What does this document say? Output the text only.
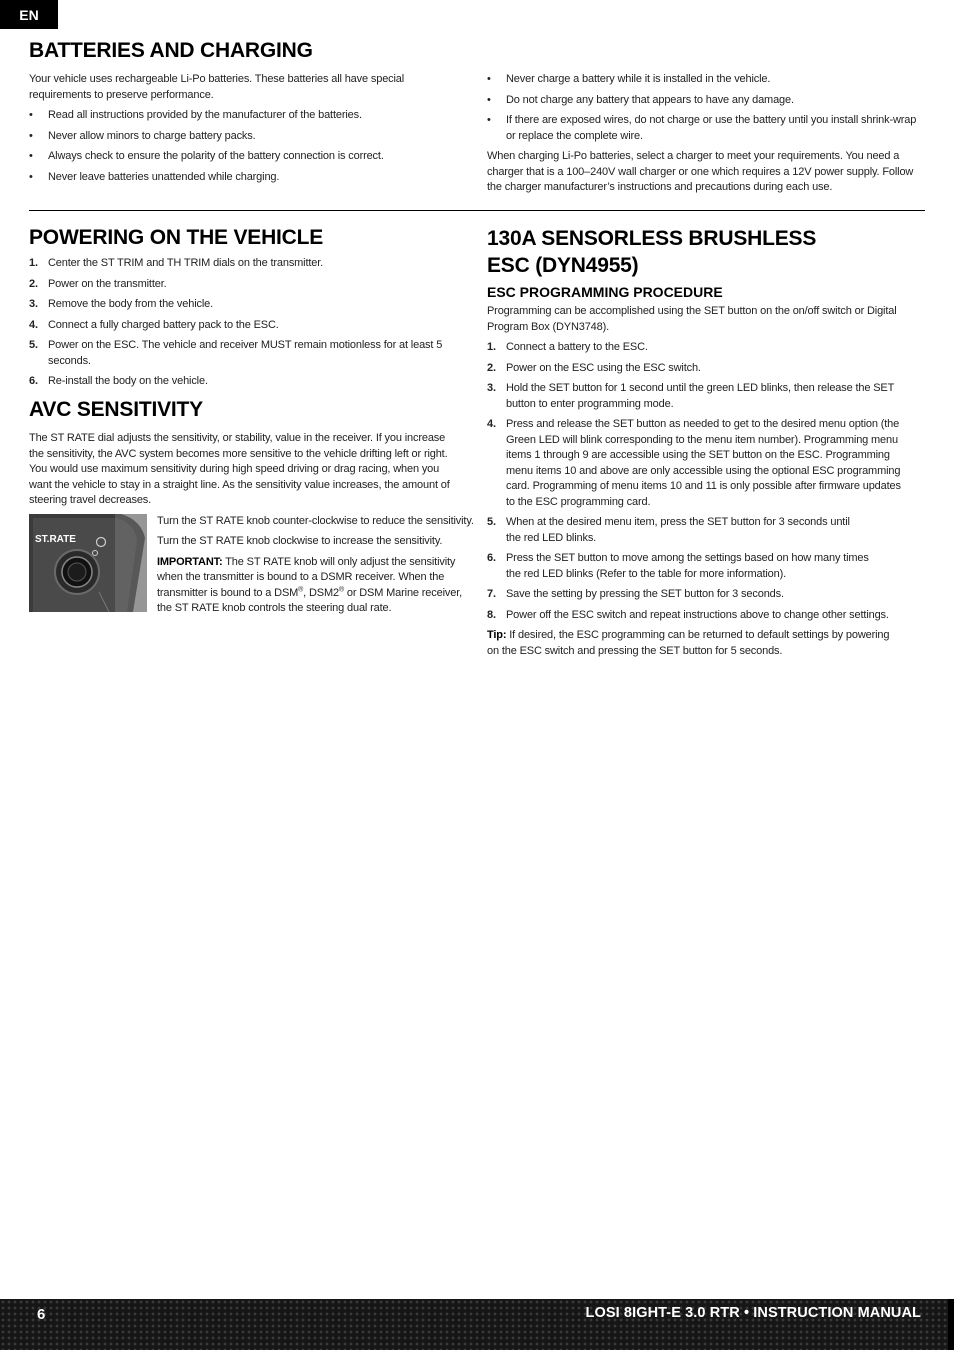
EN
BATTERIES AND CHARGING

Your vehicle uses rechargeable Li-Po batteries. These batteries all have special requirements to preserve performance.

• Read all instructions provided by the manufacturer of the batteries.
• Never allow minors to charge battery packs.
• Always check to ensure the polarity of the battery connection is correct.
• Never leave batteries unattended while charging.
• Never charge a battery while it is installed in the vehicle.
• Do not charge any battery that appears to have any damage.
• If there are exposed wires, do not charge or use the battery until you install shrink-wrap or replace the complete wire.

When charging Li-Po batteries, select a charger to meet your requirements. You need a charger that is a 100–240V wall charger or one which requires a 12V power supply. Follow the charger manufacturer’s instructions and precautions during each use.

POWERING ON THE VEHICLE
1. Center the ST TRIM and TH TRIM dials on the transmitter.
2. Power on the transmitter.
3. Remove the body from the vehicle.
4. Connect a fully charged battery pack to the ESC.
5. Power on the ESC. The vehicle and receiver MUST remain motionless for at least 5 seconds.
6. Re-install the body on the vehicle.
AVC SENSITIVITY

The ST RATE dial adjusts the sensitivity, or stability, value in the receiver. If you increase the sensitivity, the AVC system becomes more sensitive to the vehicle drifting left or right. You would use maximum sensitivity during high speed driving or drag racing, when you want the vehicle to stay in a straight line. As the sensitivity value increases, the amount of steering travel decreases.

ST.RATE

Turn the ST RATE knob counter-clockwise to reduce the sensitivity.

Turn the ST RATE knob clockwise to increase the sensitivity.

IMPORTANT: The ST RATE knob will only adjust the sensitivity when the transmitter is bound to a DSMR receiver. When the transmitter is bound to a DSM®, DSM2® or DSM Marine receiver, the ST RATE knob controls the steering dual rate.

130A SENSORLESS BRUSHLESS ESC (DYN4955)
ESC PROGRAMMING PROCEDURE

Programming can be accomplished using the SET button on the on/off switch or Digital Program Box (DYN3748).

1. Connect a battery to the ESC.
2. Power on the ESC using the ESC switch.
3. Hold the SET button for 1 second until the green LED blinks, then release the SET button to enter programming mode.
4. Press and release the SET button as needed to get to the desired menu option (the Green LED will blink corresponding to the menu item number). Programming menu items 1 through 9 are accessible using the SET button on the ESC. Programming menu items 10 and above are only accessible using the optional ESC programming card. Programming of menu items 10 and 11 is only possible after firmware updates to the ESC programming card.
5. When at the desired menu item, press the SET button for 3 seconds until the red LED blinks.
6. Press the SET button to move among the settings based on how many times the red LED blinks (Refer to the table for more information).
7. Save the setting by pressing the SET button for 3 seconds.
8. Power off the ESC switch and repeat instructions above to change other settings.

Tip: If desired, the ESC programming can be returned to default settings by powering on the ESC switch and pressing the SET button for 5 seconds.

6	LOSI 8IGHT-E 3.0 RTR • INSTRUCTION MANUAL
